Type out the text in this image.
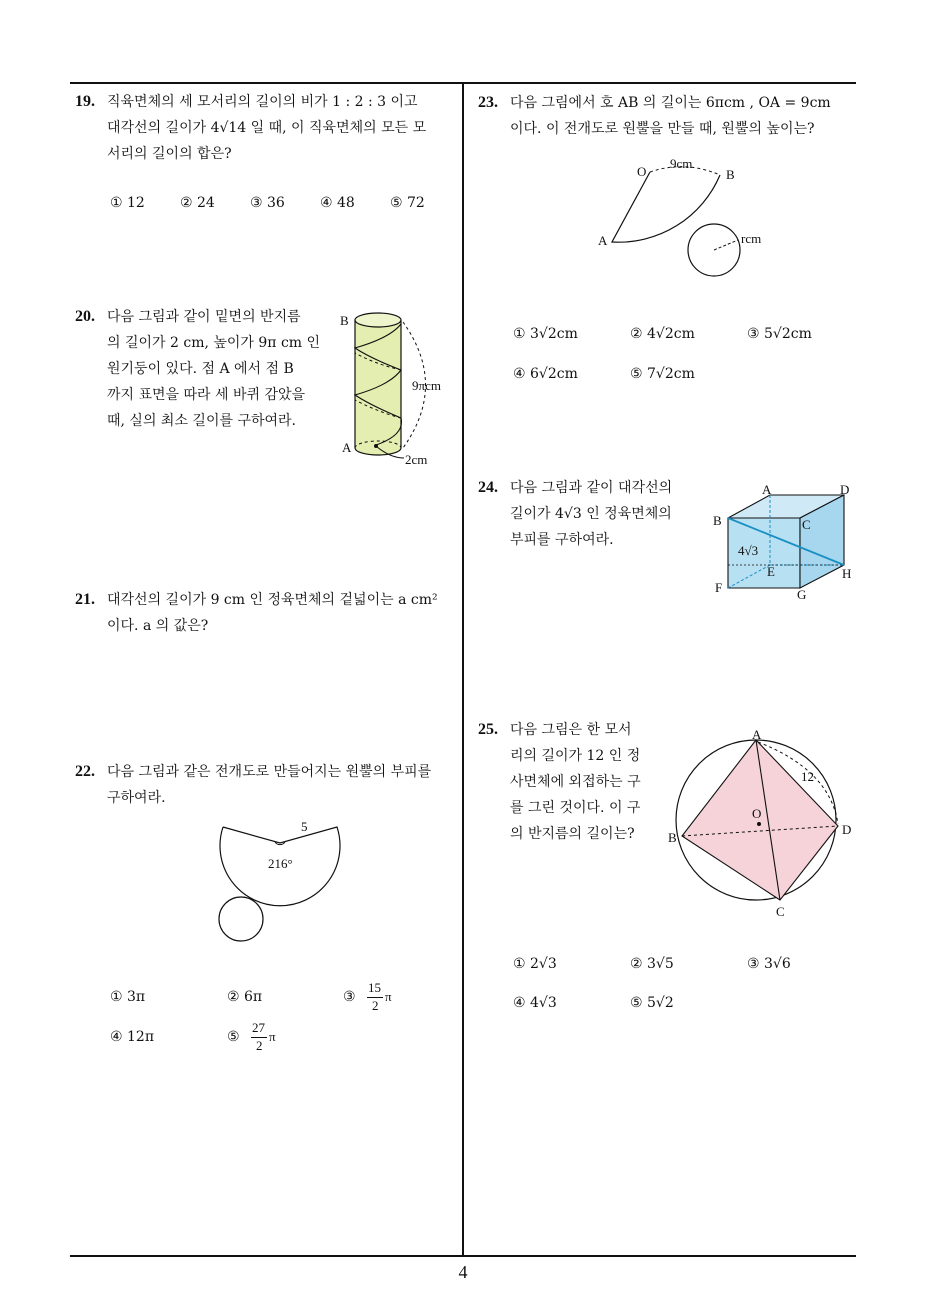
4
19. 직육면체의 세 모서리의 길이의 비가 1 : 2 : 3 이고
대각선의 길이가 4√14 일 때, 이 직육면체의 모든 모
서리의 길이의 합은?
① 12	② 24	③ 36	④ 48	⑤ 72
20. 다음 그림과 같이 밑면의 반지름
의 길이가 2 cm, 높이가 9π cm 인
원기둥이 있다. 점 A 에서 점 B
까지 표면을 따라 세 바퀴 감았을
때, 실의 최소 길이를 구하여라.
B
9πcm
A
2cm
21. 대각선의 길이가 9 cm 인 정육면체의 겉넓이는 a cm²
이다. a 의 값은?
22. 다음 그림과 같은 전개도로 만들어지는 원뿔의 부피를
구하여라.
5
216°
① 3π	② 6π	③
15
2
π
④ 12π	⑤
27
2
π
23. 다음 그림에서 호 AB 의 길이는 6πcm , OA = 9cm
이다. 이 전개도로 원뿔을 만들 때, 원뿔의 높이는?
O
9cm
B
A	rcm
① 3√2cm	② 4√2cm	③ 5√2cm
④ 6√2cm	⑤ 7√2cm
24. 다음 그림과 같이 대각선의
길이가 4√3 인 정육면체의
부피를 구하여라.
A	D
B	C
4√3
E	H
F	G
25. 다음 그림은 한 모서
리의 길이가 12 인 정
사면체에 외접하는 구
를 그린 것이다. 이 구
의 반지름의 길이는?
A
12
O
D
B
C
① 2√3	② 3√5	③ 3√6
④ 4√3	⑤ 5√2
